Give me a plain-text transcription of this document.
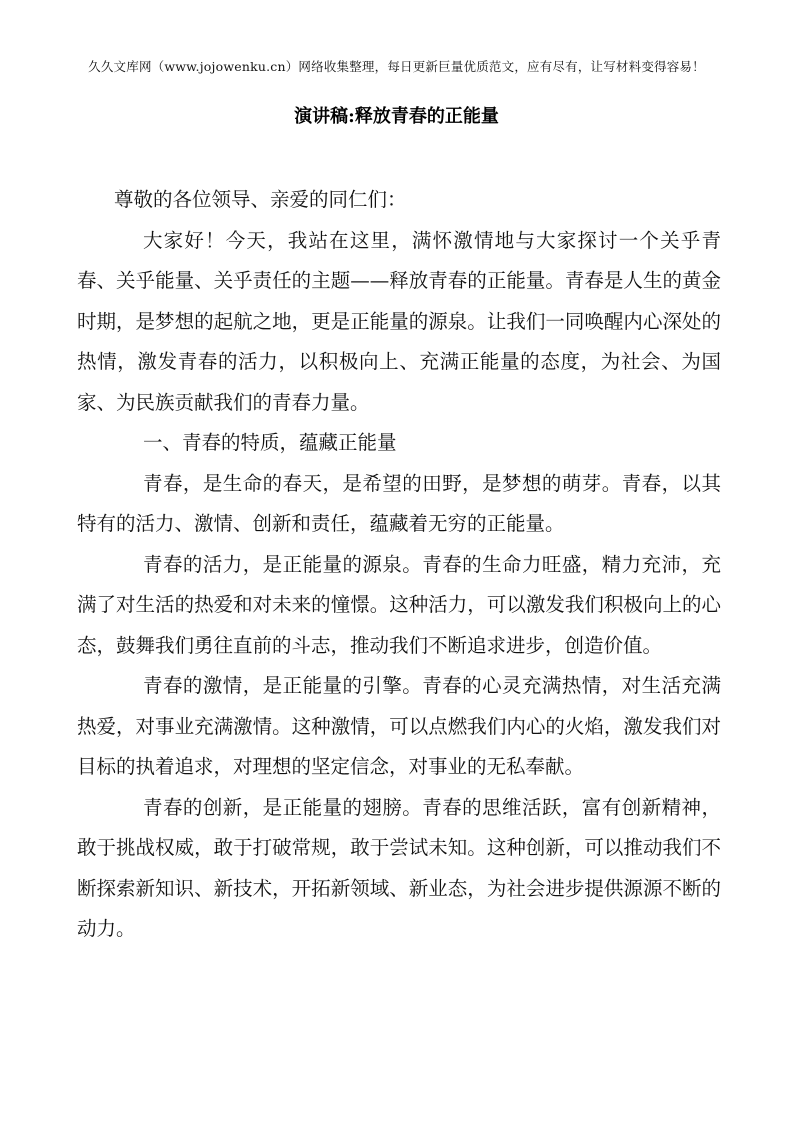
久久文库网（www.jojowenku.cn）网络收集整理，每日更新巨量优质范文，应有尽有，让写材料变得容易！
演讲稿:释放青春的正能量

尊敬的各位领导、亲爱的同仁们：

大家好！今天，我站在这里，满怀激情地与大家探讨一个关乎青春、关乎能量、关乎责任的主题——释放青春的正能量。青春是人生的黄金时期，是梦想的起航之地，更是正能量的源泉。让我们一同唤醒内心深处的热情，激发青春的活力，以积极向上、充满正能量的态度，为社会、为国家、为民族贡献我们的青春力量。

一、青春的特质，蕴藏正能量

青春，是生命的春天，是希望的田野，是梦想的萌芽。青春，以其特有的活力、激情、创新和责任，蕴藏着无穷的正能量。

青春的活力，是正能量的源泉。青春的生命力旺盛，精力充沛，充满了对生活的热爱和对未来的憧憬。这种活力，可以激发我们积极向上的心态，鼓舞我们勇往直前的斗志，推动我们不断追求进步，创造价值。

青春的激情，是正能量的引擎。青春的心灵充满热情，对生活充满热爱，对事业充满激情。这种激情，可以点燃我们内心的火焰，激发我们对目标的执着追求，对理想的坚定信念，对事业的无私奉献。

青春的创新，是正能量的翅膀。青春的思维活跃，富有创新精神，敢于挑战权威，敢于打破常规，敢于尝试未知。这种创新，可以推动我们不断探索新知识、新技术，开拓新领域、新业态，为社会进步提供源源不断的动力。
